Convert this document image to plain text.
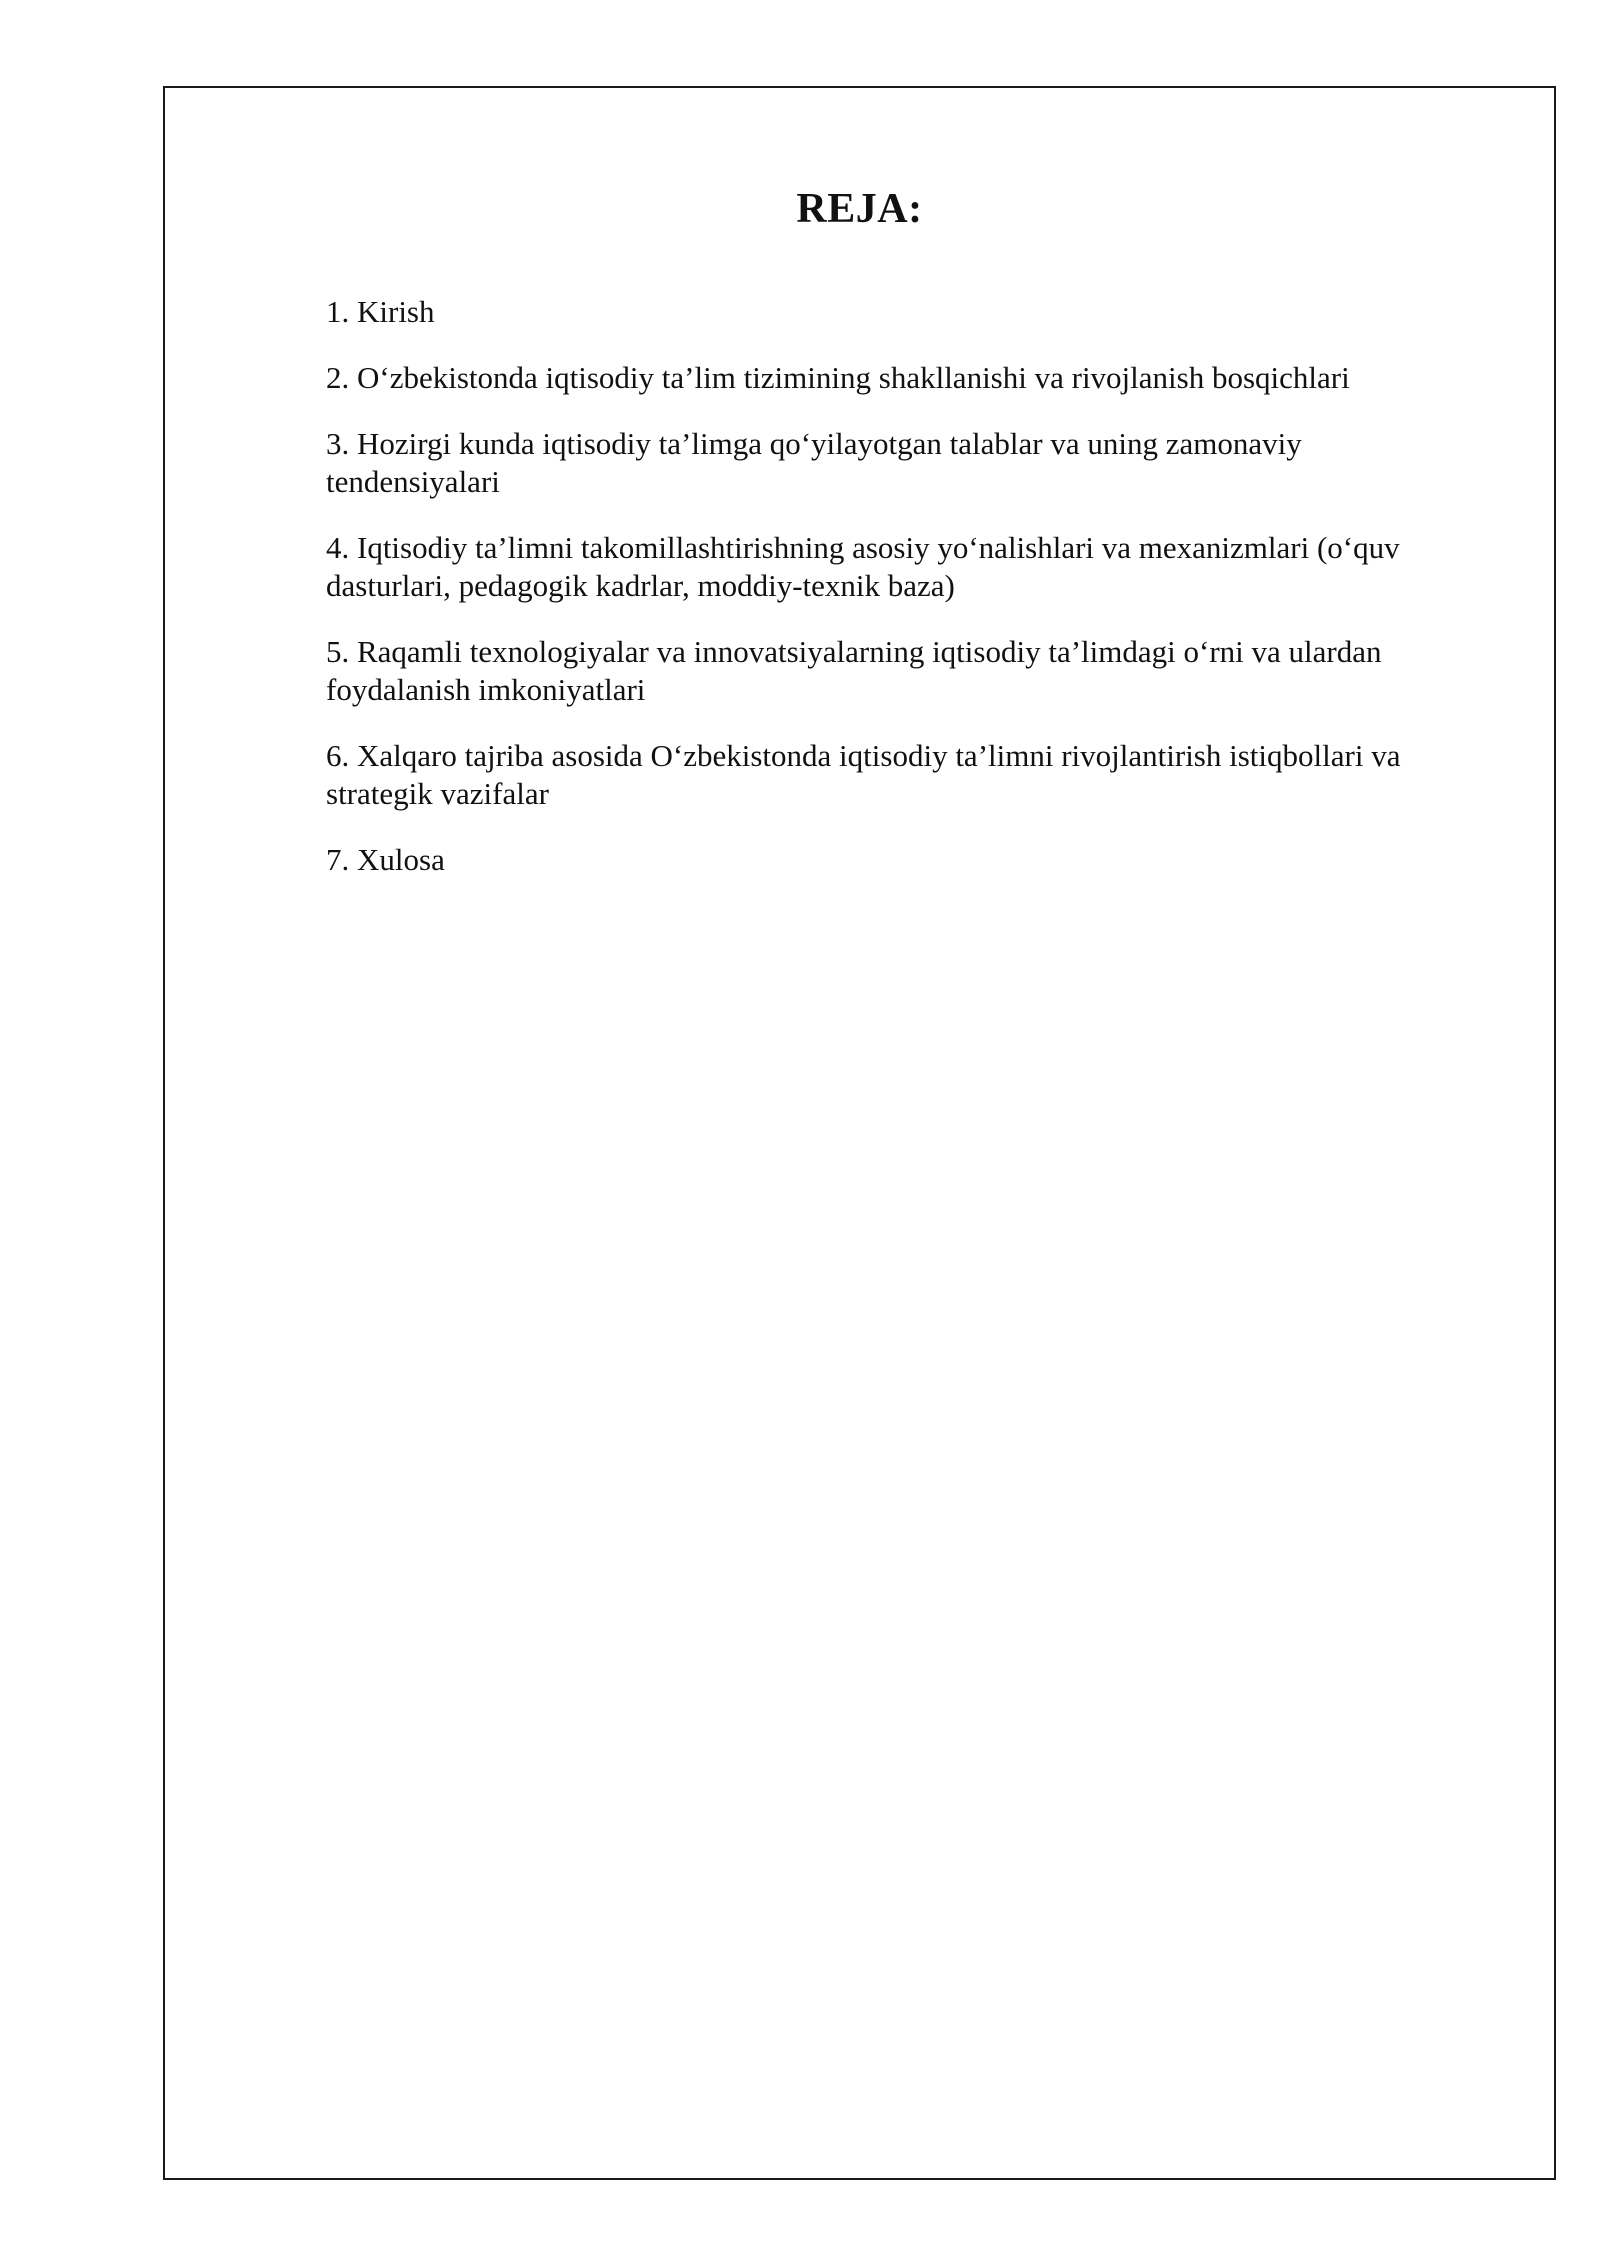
REJA:
1. Kirish
2. O‘zbekistonda iqtisodiy ta’lim tizimining shakllanishi va rivojlanish bosqichlari
3. Hozirgi kunda iqtisodiy ta’limga qo‘yilayotgan talablar va uning zamonaviy tendensiyalari
4. Iqtisodiy ta’limni takomillashtirishning asosiy yo‘nalishlari va mexanizmlari (o‘quv dasturlari, pedagogik kadrlar, moddiy-texnik baza)
5. Raqamli texnologiyalar va innovatsiyalarning iqtisodiy ta’limdagi o‘rni va ulardan foydalanish imkoniyatlari
6. Xalqaro tajriba asosida O‘zbekistonda iqtisodiy ta’limni rivojlantirish istiqbollari va strategik vazifalar
7. Xulosa
